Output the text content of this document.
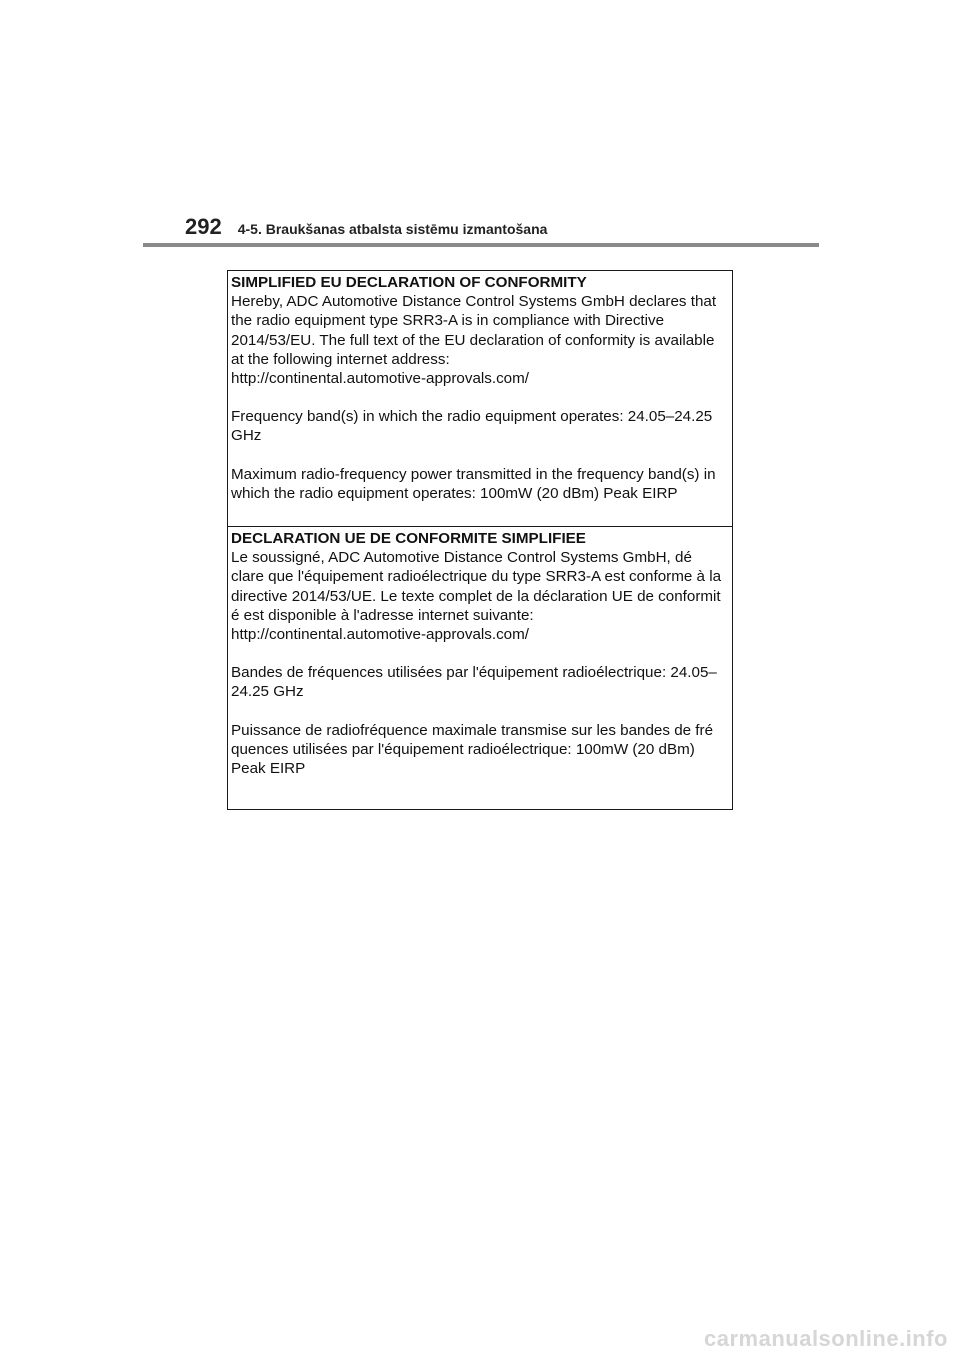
292 4-5. Braukšanas atbalsta sistēmu izmantošana

SIMPLIFIED EU DECLARATION OF CONFORMITY

Hereby, ADC Automotive Distance Control Systems GmbH declares that
the radio equipment type SRR3-A is in compliance with Directive
2014/53/EU. The full text of the EU declaration of conformity is available
at the following internet address:
http://continental.automotive-approvals.com/

Frequency band(s) in which the radio equipment operates: 24.05–24.25
GHz

Maximum radio-frequency power transmitted in the frequency band(s) in
which the radio equipment operates: 100mW (20 dBm) Peak EIRP

DECLARATION UE DE CONFORMITE SIMPLIFIEE

Le soussigné, ADC Automotive Distance Control Systems GmbH, dé
clare que l'équipement radioélectrique du type SRR3-A est conforme à la
directive 2014/53/UE. Le texte complet de la déclaration UE de conformit
é est disponible à l'adresse internet suivante:
http://continental.automotive-approvals.com/

Bandes de fréquences utilisées par l'équipement radioélectrique: 24.05–
24.25 GHz

Puissance de radiofréquence maximale transmise sur les bandes de fré
quences utilisées par l'équipement radioélectrique: 100mW (20 dBm)
Peak EIRP

carmanualsonline.info
